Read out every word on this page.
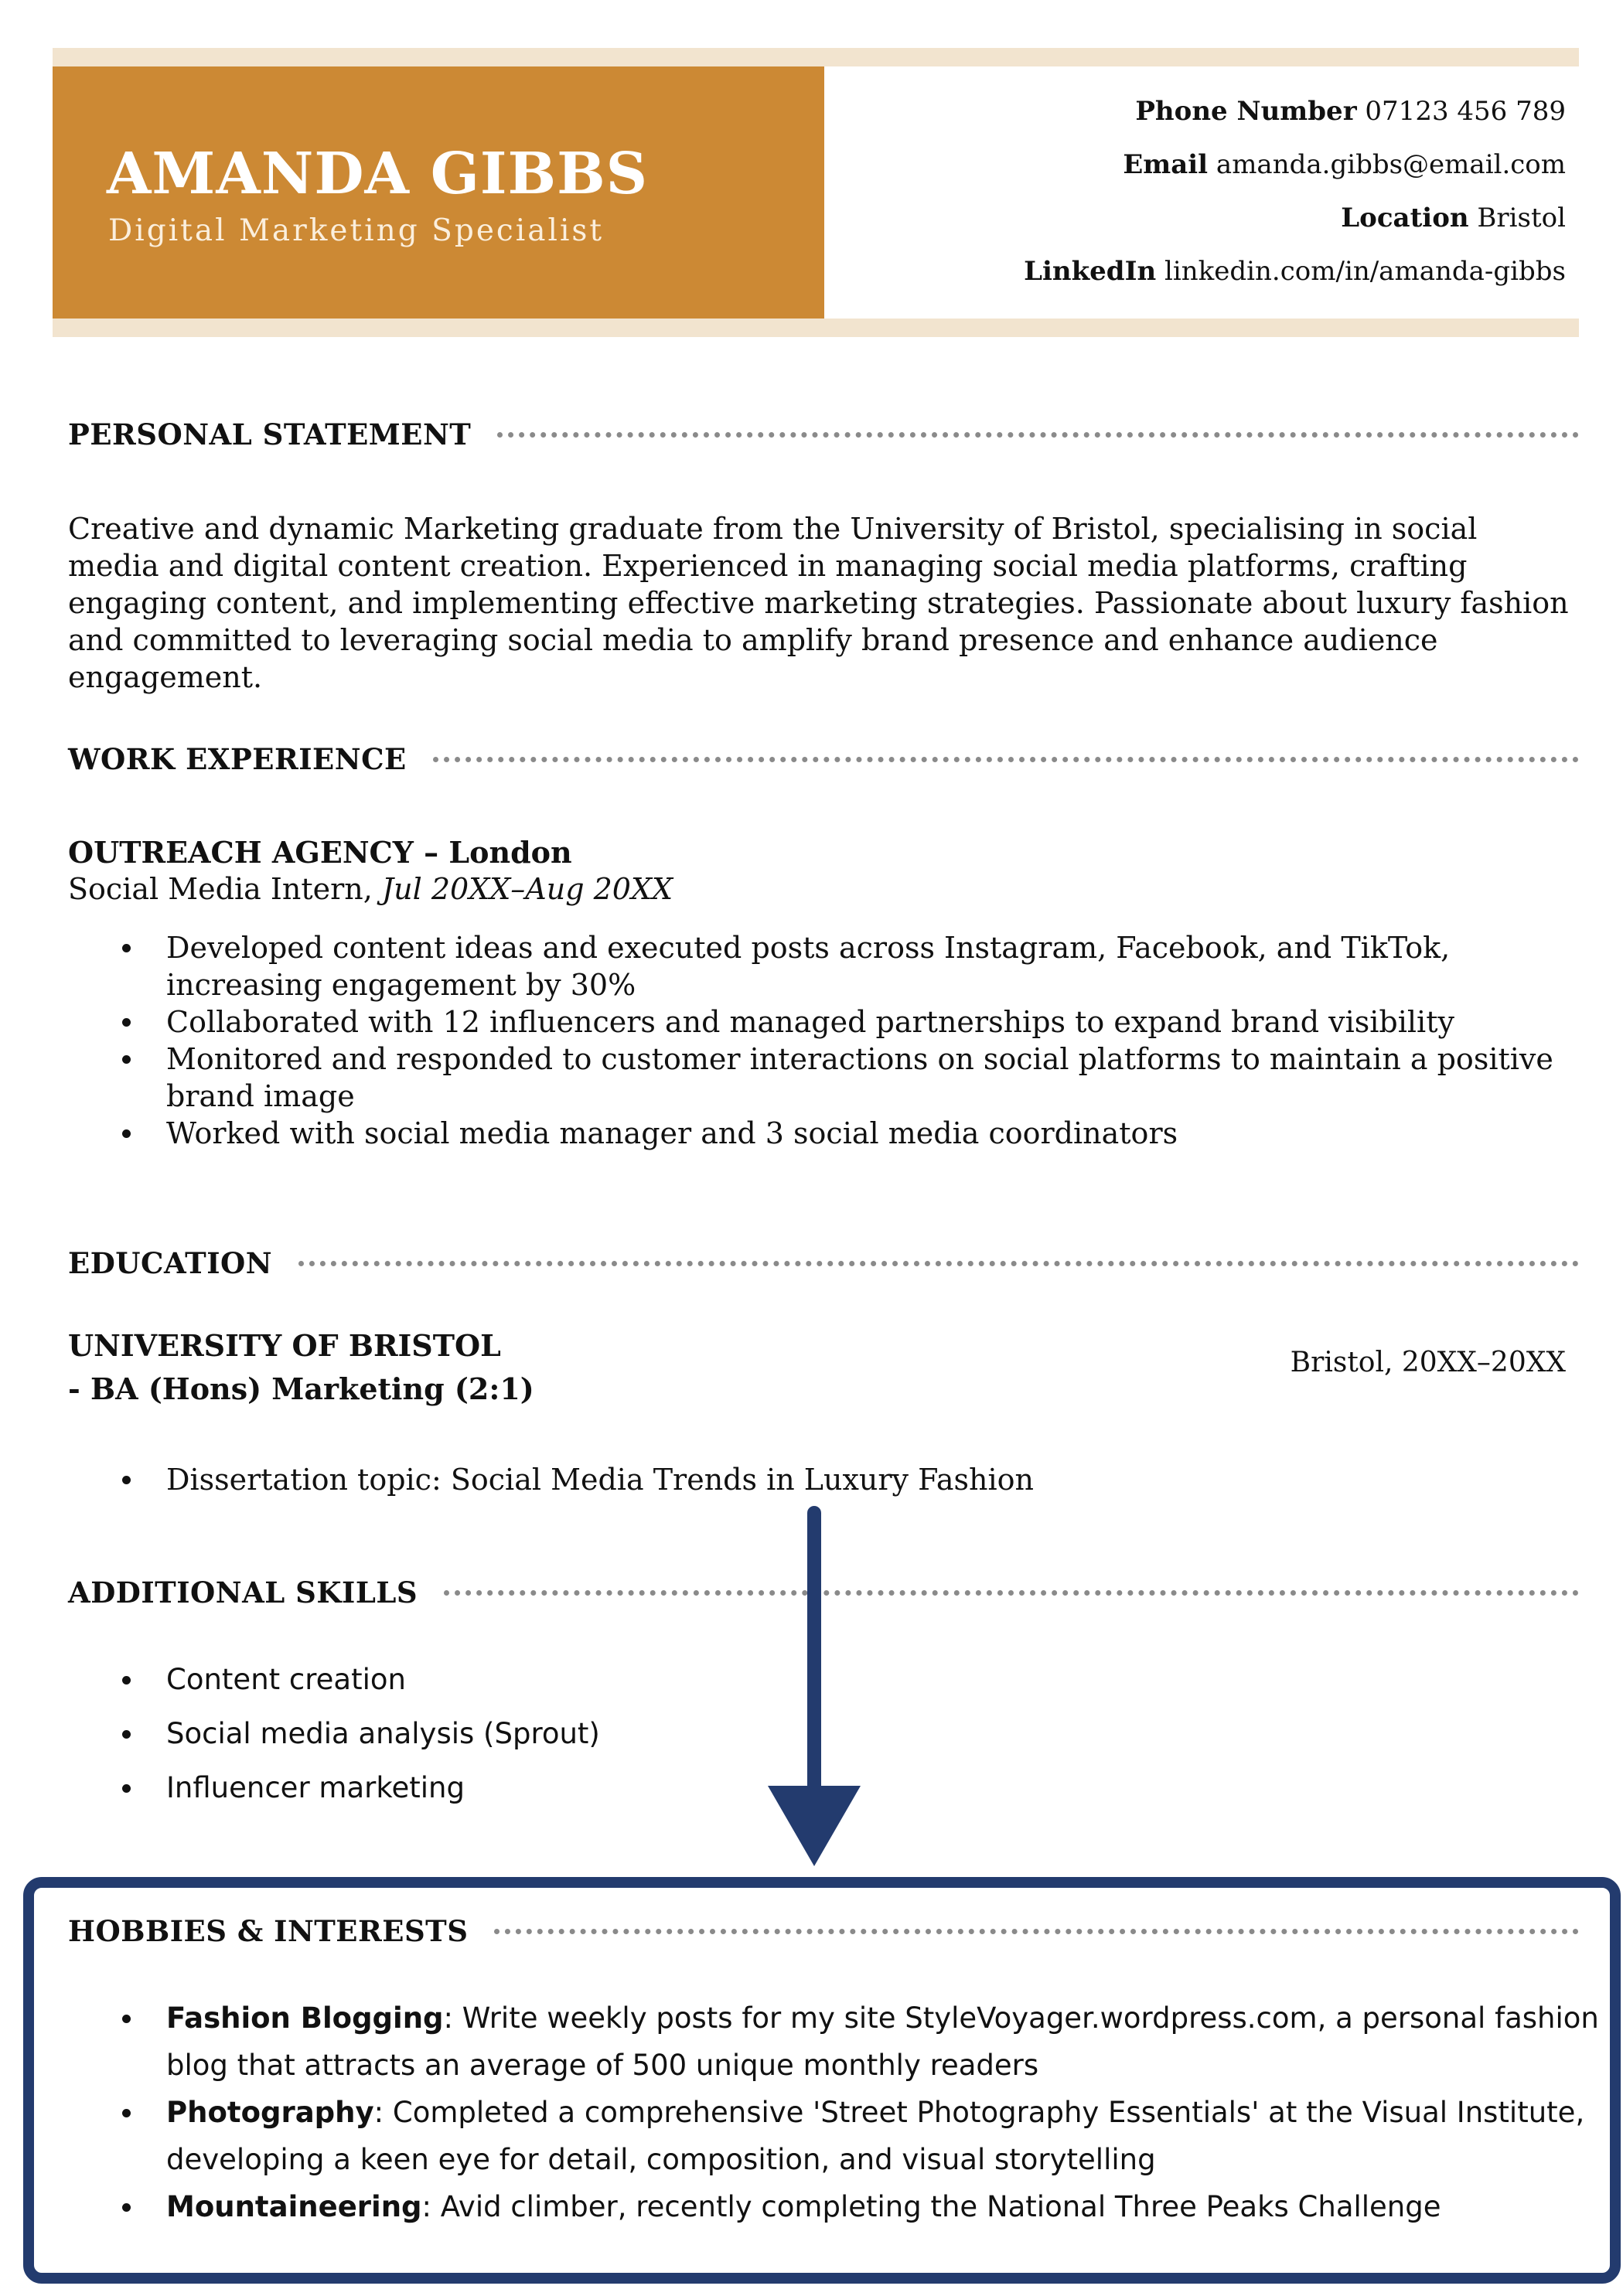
AMANDA GIBBS
Digital Marketing Specialist
Phone Number 07123 456 789
Email amanda.gibbs@email.com
Location Bristol
LinkedIn linkedin.com/in/amanda-gibbs
PERSONAL STATEMENT
Creative and dynamic Marketing graduate from the University of Bristol, specialising in social media and digital content creation. Experienced in managing social media platforms, crafting engaging content, and implementing effective marketing strategies. Passionate about luxury fashion and committed to leveraging social media to amplify brand presence and enhance audience engagement.
WORK EXPERIENCE
OUTREACH AGENCY – London
Social Media Intern, Jul 20XX–Aug 20XX
Developed content ideas and executed posts across Instagram, Facebook, and TikTok, increasing engagement by 30%
Collaborated with 12 influencers and managed partnerships to expand brand visibility
Monitored and responded to customer interactions on social platforms to maintain a positive brand image
Worked with social media manager and 3 social media coordinators
EDUCATION
UNIVERSITY OF BRISTOL
- BA (Hons) Marketing (2:1)
Bristol, 20XX–20XX
Dissertation topic: Social Media Trends in Luxury Fashion
ADDITIONAL SKILLS
Content creation
Social media analysis (Sprout)
Influencer marketing
HOBBIES & INTERESTS
Fashion Blogging: Write weekly posts for my site StyleVoyager.wordpress.com, a personal fashion blog that attracts an average of 500 unique monthly readers
Photography: Completed a comprehensive 'Street Photography Essentials' at the Visual Institute, developing a keen eye for detail, composition, and visual storytelling
Mountaineering: Avid climber, recently completing the National Three Peaks Challenge
